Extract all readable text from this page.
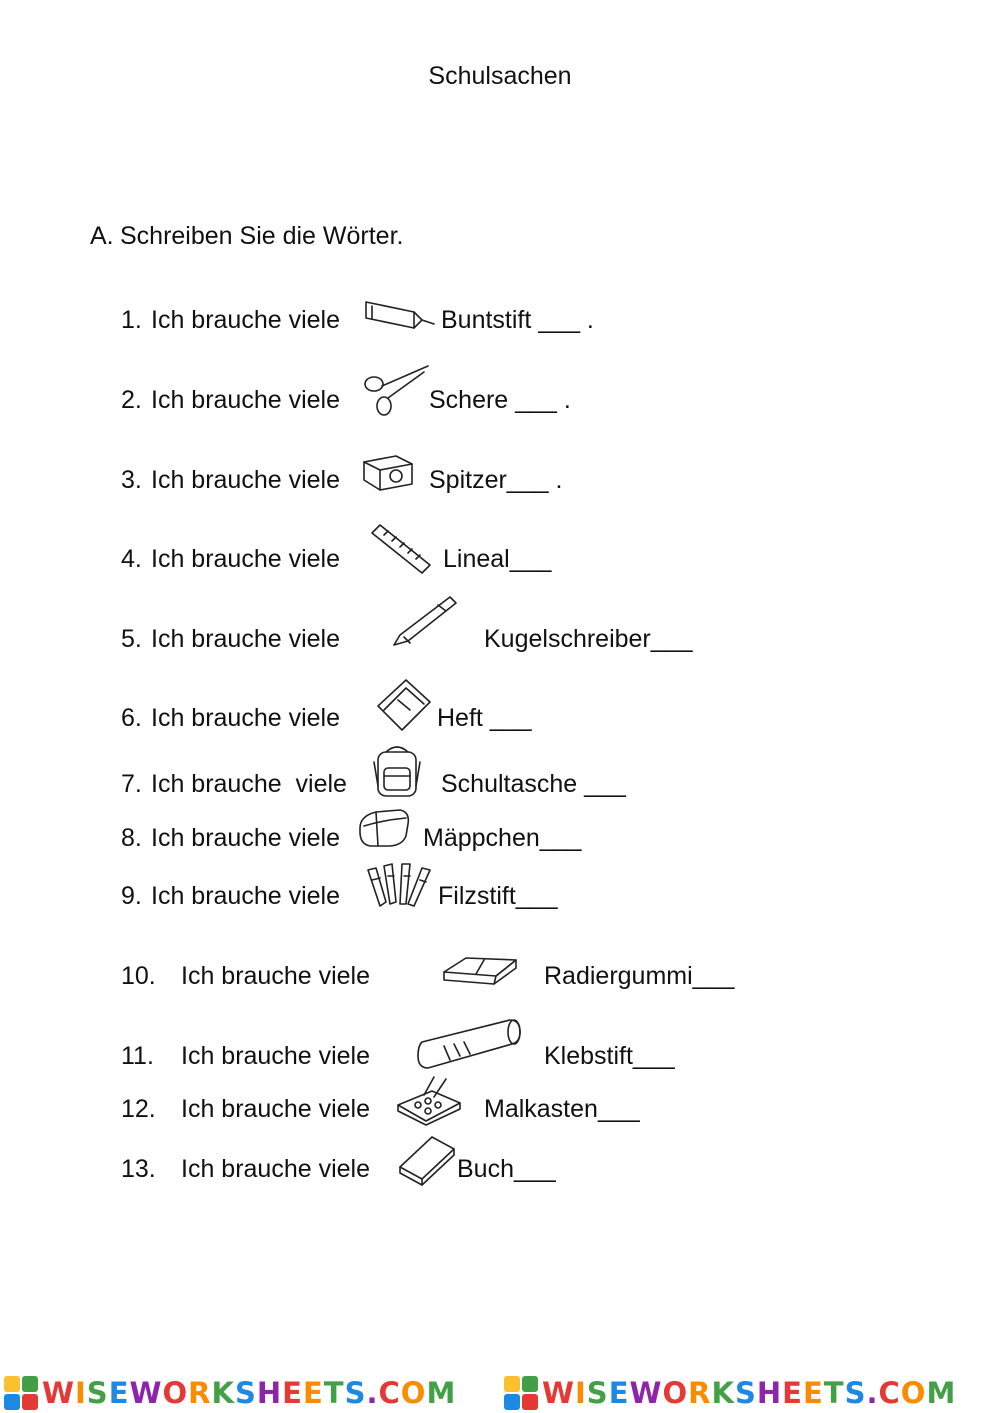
Schulsachen
A. Schreiben Sie die Wörter.
1. Ich brauche viele	Buntstift ___ .
2. Ich brauche viele	Schere ___ .
3. Ich brauche viele	Spitzer___ .
4. Ich brauche viele	Lineal___
5. Ich brauche viele	Kugelschreiber___
6. Ich brauche viele	Heft ___
7. Ich brauche  viele	Schultasche ___
8. Ich brauche viele	Mäppchen___
9. Ich brauche viele	Filzstift___
10. Ich brauche viele	Radiergummi___
11. Ich brauche viele	Klebstift___
12. Ich brauche viele	Malkasten___
13. Ich brauche viele	Buch___
WISEWORKSHEETS.COM	WISEWORKSHEETS.COM
